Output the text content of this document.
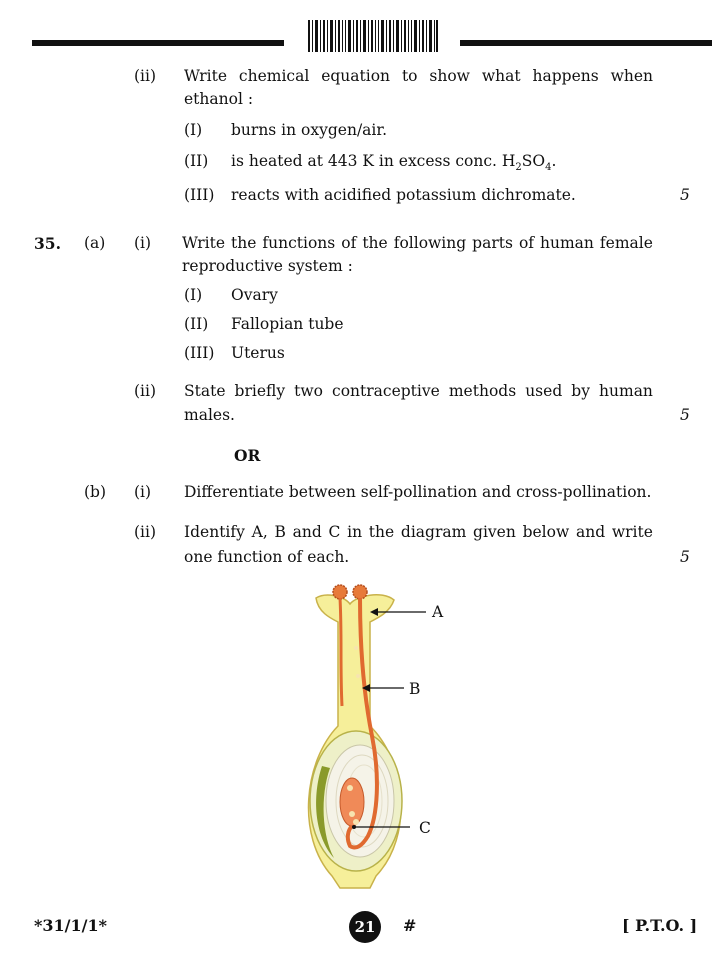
(ii) Write chemical equation to show what happens when
ethanol :
(I) burns in oxygen/air.
(II) is heated at 443 K in excess conc. $H_2SO_4$.
(III) reacts with acidified potassium dichromate.	5
35. (a) (i) Write the functions of the following parts of human female
reproductive system :
(I) Ovary
(II) Fallopian tube
(III) Uterus
(ii) State briefly two contraceptive methods used by human
males.	5
OR
(b) (i) Differentiate between self-pollination and cross-pollination.
(ii) Identify A, B and C in the diagram given below and write
one function of each.	5
A
B
C
*31/1/1*	21	#	[ P.T.O. ]
